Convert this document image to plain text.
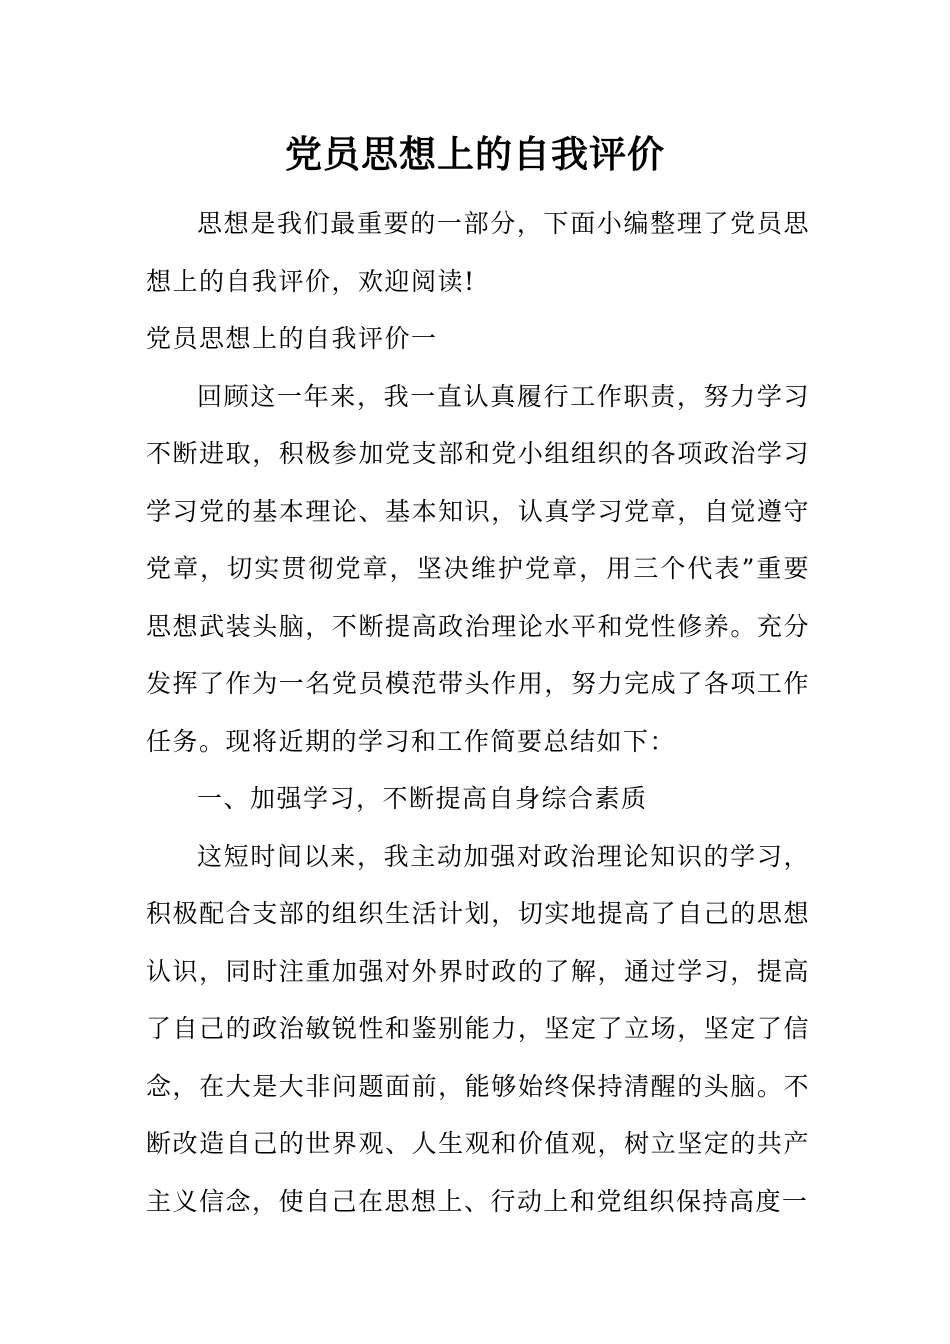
党员思想上的自我评价

思想是我们最重要的一部分，下面小编整理了党员思想上的自我评价，欢迎阅读!

党员思想上的自我评价一

回顾这一年来，我一直认真履行工作职责，努力学习不断进取，积极参加党支部和党小组组织的各项政治学习学习党的基本理论、基本知识，认真学习党章，自觉遵守党章，切实贯彻党章，坚决维护党章，用三个代表”重要思想武装头脑，不断提高政治理论水平和党性修养。充分发挥了作为一名党员模范带头作用，努力完成了各项工作任务。现将近期的学习和工作简要总结如下：

一、加强学习，不断提高自身综合素质

这短时间以来，我主动加强对政治理论知识的学习，积极配合支部的组织生活计划，切实地提高了自己的思想认识，同时注重加强对外界时政的了解，通过学习，提高了自己的政治敏锐性和鉴别能力，坚定了立场，坚定了信念，在大是大非问题面前，能够始终保持清醒的头脑。不断改造自己的世界观、人生观和价值观，树立坚定的共产主义信念，使自己在思想上、行动上和党组织保持高度一
